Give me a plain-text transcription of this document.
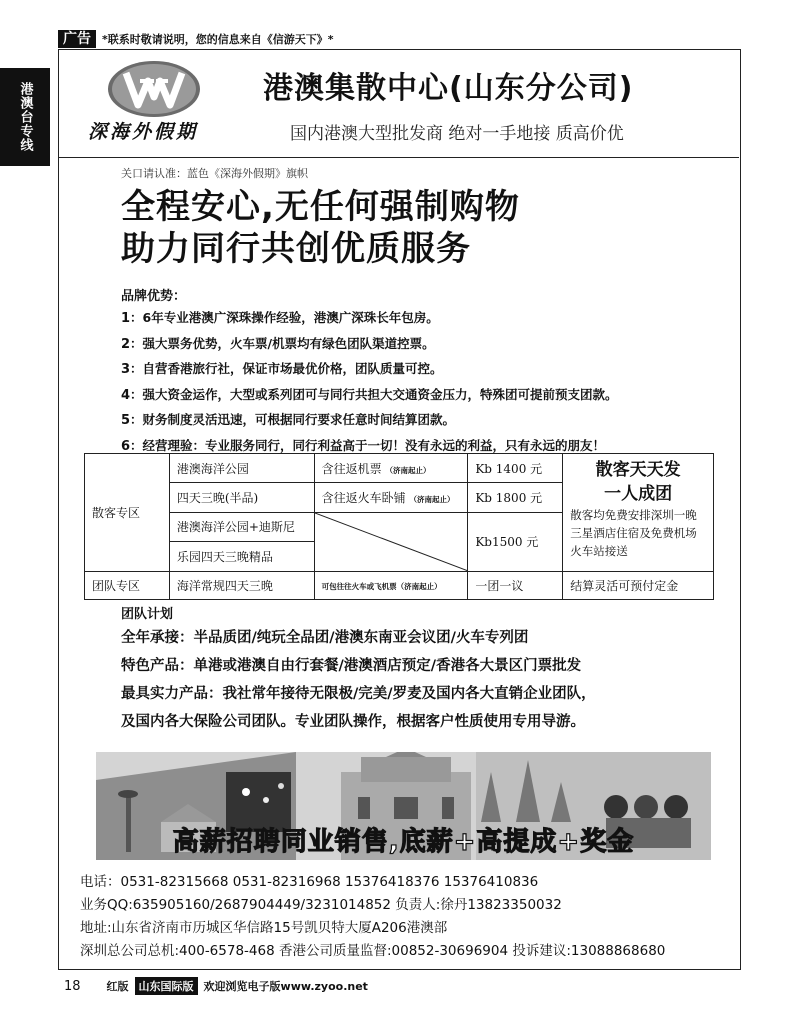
广告	*联系时敬请说明，您的信息来自《信游天下》*
港澳台专线	深海外假期
港澳集散中心(山东分公司)
国内港澳大型批发商 绝对一手地接 质高价优
关口请认准：蓝色《深海外假期》旗帜
全程安心,无任何强制购物
助力同行共创优质服务
品牌优势：
1：6年专业港澳广深珠操作经验，港澳广深珠长年包房。
2：强大票务优势，火车票/机票均有绿色团队渠道控票。
3：自营香港旅行社，保证市场最优价格，团队质量可控。
4：强大资金运作，大型或系列团可与同行共担大交通资金压力，特殊团可提前预支团款。
5：财务制度灵活迅速，可根据同行要求任意时间结算团款。
6：经营理验：专业服务同行，同行利益高于一切！没有永远的利益，只有永远的朋友！
散客专区	港澳海洋公园	含往返机票 （济南起止）	Kb 1400 元	散客天天发
一人成团
散客均免费安排深圳一晚三星酒店住宿及免费机场火车站接送

	四天三晚(半品)	含往返火车卧铺 （济南起止）	Kb 1800 元	
	港澳海洋公园+迪斯尼		Kb1500 元	
	乐园四天三晚精品			
团队专区	海洋常规四天三晚	可包往往火车或飞机票（济南起止）	一团一议	结算灵活可预付定金
团队计划
全年承接：半品质团/纯玩全品团/港澳东南亚会议团/火车专列团
特色产品：单港或港澳自由行套餐/港澳酒店预定/香港各大景区门票批发
最具实力产品：我社常年接待无限极/完美/罗麦及国内各大直销企业团队，
及国内各大保险公司团队。专业团队操作，根据客户性质使用专用导游。
高薪招聘同业销售,底薪+高提成+奖金
电话：0531-82315668 0531-82316968 15376418376 15376410836
业务QQ:635905160/2687904449/3231014852 负责人:徐丹13823350032
地址:山东省济南市历城区华信路15号凯贝特大厦A206港澳部
深圳总公司总机:400-6578-468 香港公司质量监督:00852-30696904 投诉建议:13088868680
18 红版 山东国际版 欢迎浏览电子版www.zyoo.net
